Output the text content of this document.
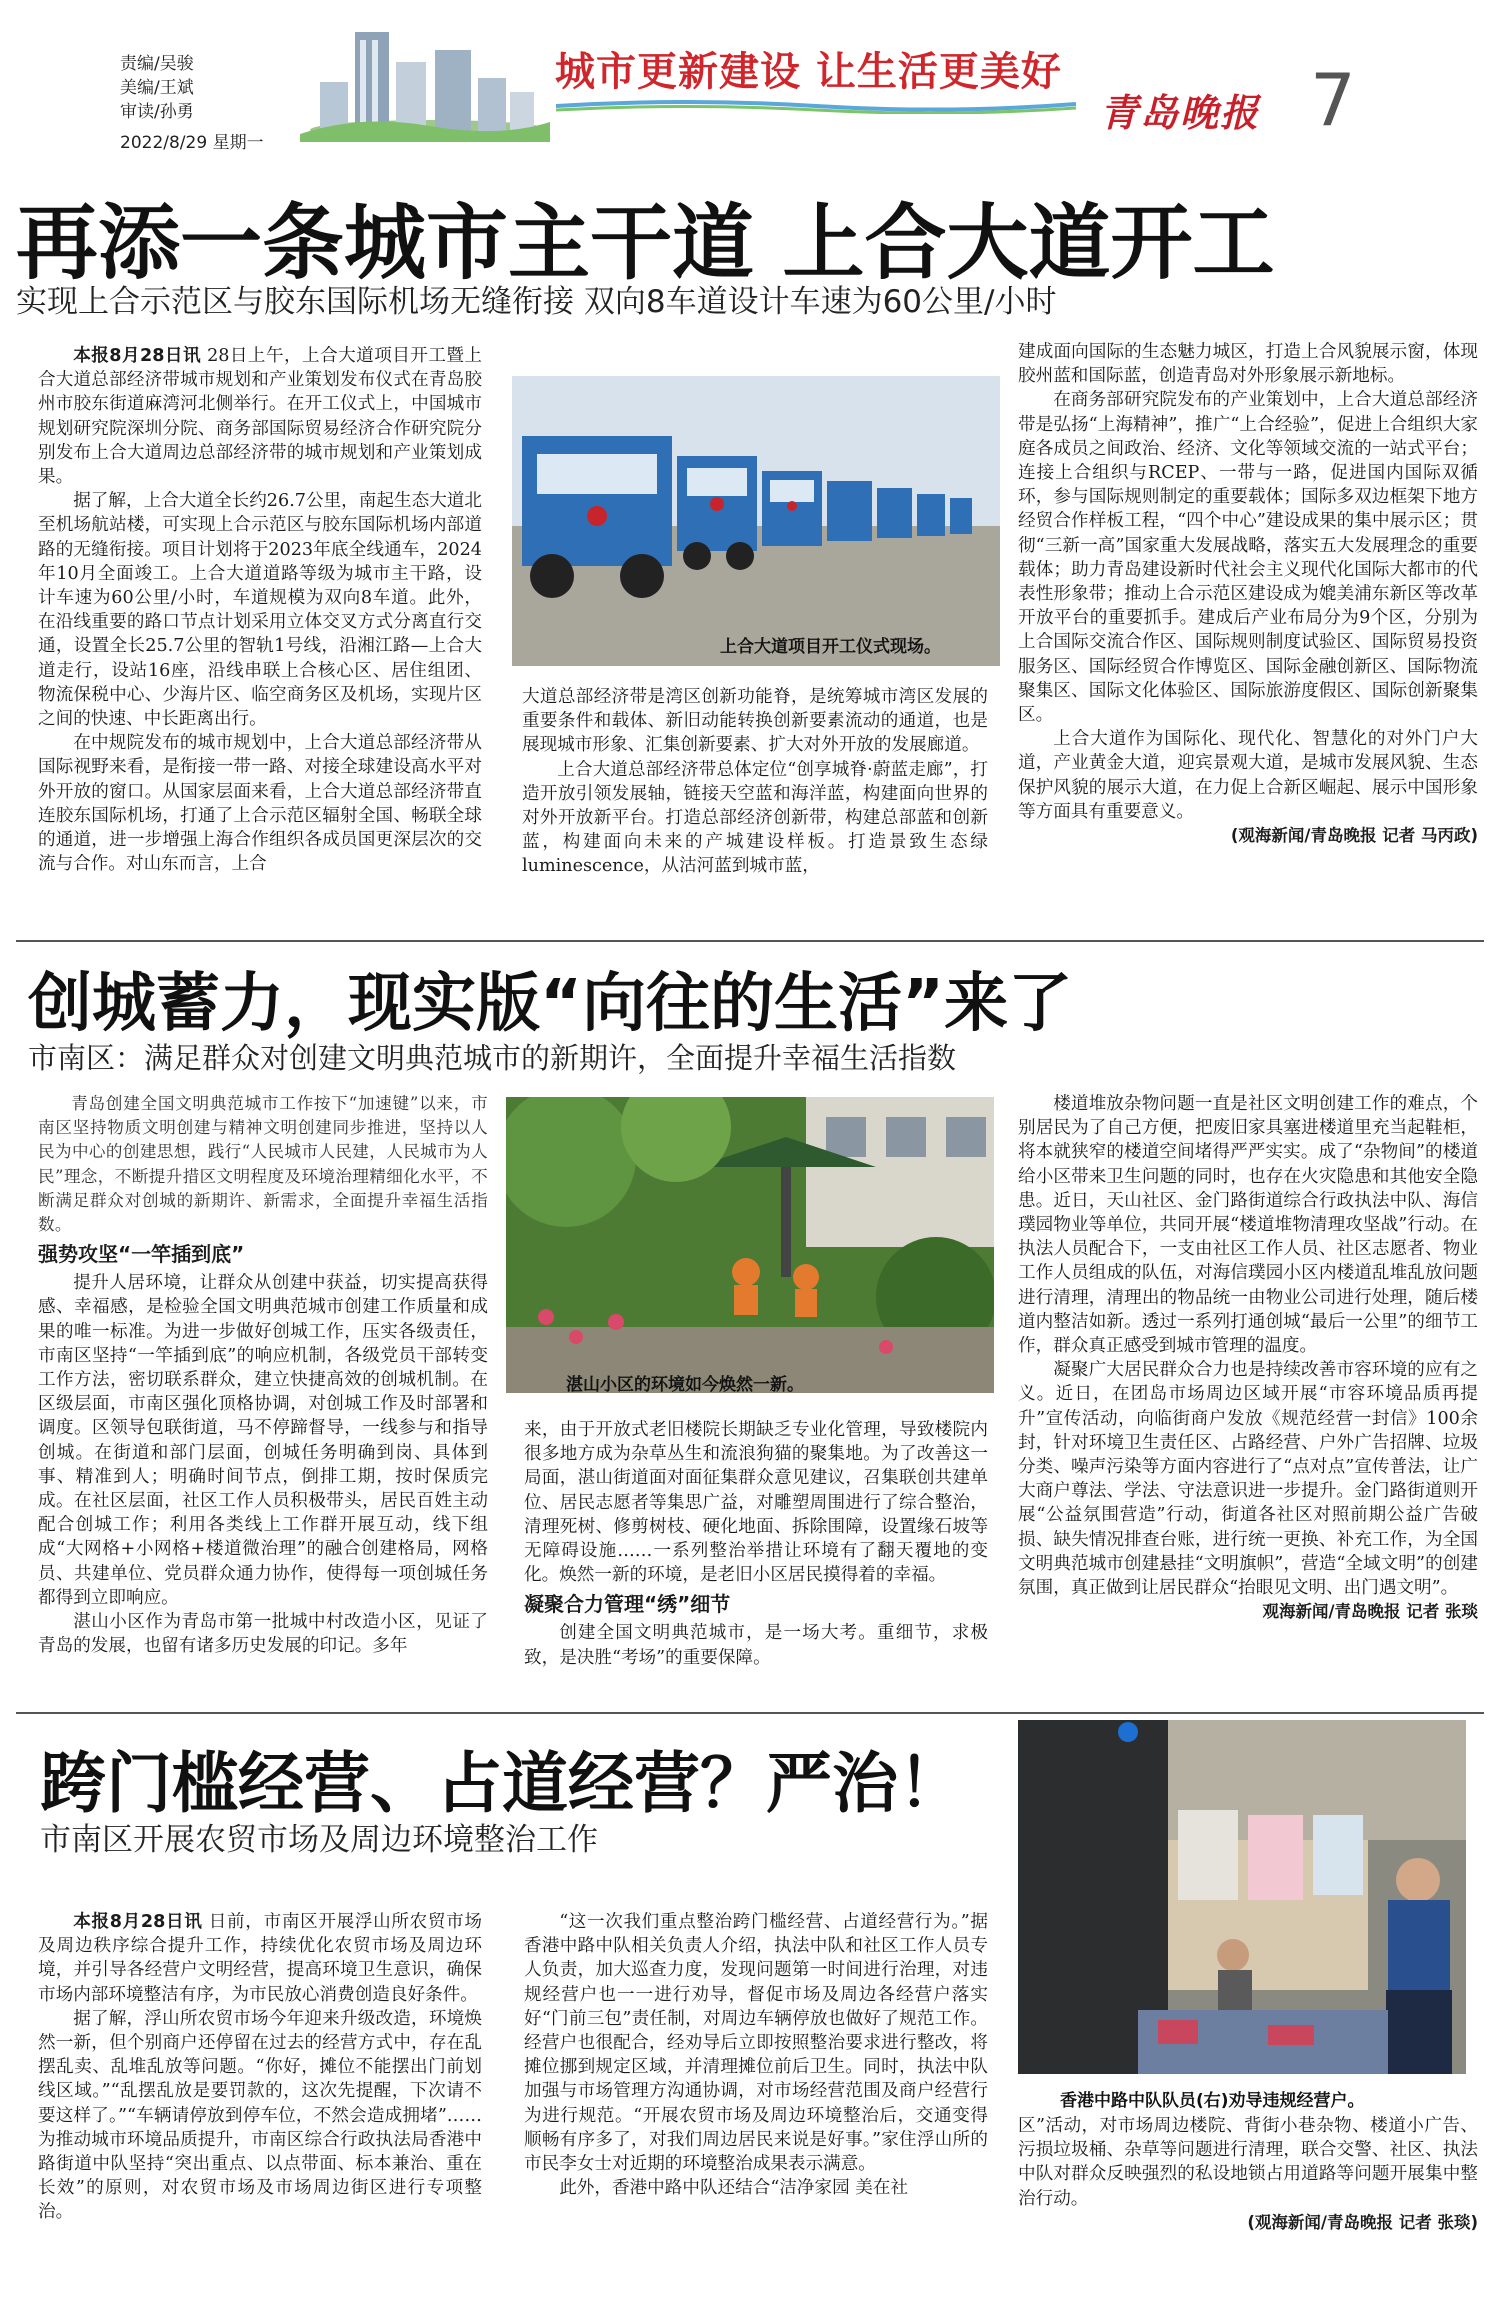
责编/吴骏
美编/王斌
审读/孙勇
2022/8/29 星期一
城市更新建设 让生活更美好
青岛晚报 7
再添一条城市主干道 上合大道开工
实现上合示范区与胶东国际机场无缝衔接 双向8车道设计车速为60公里/小时

本报8月28日讯 28日上午，上合大道项目开工暨上合大道总部经济带城市规划和产业策划发布仪式在青岛胶州市胶东街道麻湾河北侧举行。在开工仪式上，中国城市规划研究院深圳分院、商务部国际贸易经济合作研究院分别发布上合大道周边总部经济带的城市规划和产业策划成果。

据了解，上合大道全长约26.7公里，南起生态大道北至机场航站楼，可实现上合示范区与胶东国际机场内部道路的无缝衔接。项目计划将于2023年底全线通车，2024年10月全面竣工。上合大道道路等级为城市主干路，设计车速为60公里/小时，车道规模为双向8车道。此外，在沿线重要的路口节点计划采用立体交叉方式分离直行交通，设置全长25.7公里的智轨1号线，沿湘江路—上合大道走行，设站16座，沿线串联上合核心区、居住组团、物流保税中心、少海片区、临空商务区及机场，实现片区之间的快速、中长距离出行。

在中规院发布的城市规划中，上合大道总部经济带从国际视野来看，是衔接一带一路、对接全球建设高水平对外开放的窗口。从国家层面来看，上合大道总部经济带直连胶东国际机场，打通了上合示范区辐射全国、畅联全球的通道，进一步增强上海合作组织各成员国更深层次的交流与合作。对山东而言，上合

上合大道项目开工仪式现场。

大道总部经济带是湾区创新功能脊，是统筹城市湾区发展的重要条件和载体、新旧动能转换创新要素流动的通道，也是展现城市形象、汇集创新要素、扩大对外开放的发展廊道。

上合大道总部经济带总体定位“创享城脊·蔚蓝走廊”，打造开放引领发展轴，链接天空蓝和海洋蓝，构建面向世界的对外开放新平台。打造总部经济创新带，构建总部蓝和创新蓝，构建面向未来的产城建设样板。打造景致生态绿luminescence，从沽河蓝到城市蓝，

建成面向国际的生态魅力城区，打造上合风貌展示窗，体现胶州蓝和国际蓝，创造青岛对外形象展示新地标。

在商务部研究院发布的产业策划中，上合大道总部经济带是弘扬“上海精神”，推广“上合经验”，促进上合组织大家庭各成员之间政治、经济、文化等领域交流的一站式平台；连接上合组织与RCEP、一带与一路，促进国内国际双循环，参与国际规则制定的重要载体；国际多双边框架下地方经贸合作样板工程，“四个中心”建设成果的集中展示区；贯彻“三新一高”国家重大发展战略，落实五大发展理念的重要载体；助力青岛建设新时代社会主义现代化国际大都市的代表性形象带；推动上合示范区建设成为媲美浦东新区等改革开放平台的重要抓手。建成后产业布局分为9个区，分别为上合国际交流合作区、国际规则制度试验区、国际贸易投资服务区、国际经贸合作博览区、国际金融创新区、国际物流聚集区、国际文化体验区、国际旅游度假区、国际创新聚集区。

上合大道作为国际化、现代化、智慧化的对外门户大道，产业黄金大道，迎宾景观大道，是城市发展风貌、生态保护风貌的展示大道，在力促上合新区崛起、展示中国形象等方面具有重要意义。

(观海新闻/青岛晚报 记者 马丙政)

创城蓄力，现实版“向往的生活”来了
市南区：满足群众对创建文明典范城市的新期许，全面提升幸福生活指数

青岛创建全国文明典范城市工作按下“加速键”以来，市南区坚持物质文明创建与精神文明创建同步推进，坚持以人民为中心的创建思想，践行“人民城市人民建，人民城市为人民”理念，不断提升措区文明程度及环境治理精细化水平，不断满足群众对创城的新期许、新需求，全面提升幸福生活指数。

强势攻坚“一竿插到底”

提升人居环境，让群众从创建中获益，切实提高获得感、幸福感，是检验全国文明典范城市创建工作质量和成果的唯一标准。为进一步做好创城工作，压实各级责任，市南区坚持“一竿插到底”的响应机制，各级党员干部转变工作方法，密切联系群众，建立快捷高效的创城机制。在区级层面，市南区强化顶格协调，对创城工作及时部署和调度。区领导包联街道，马不停蹄督导，一线参与和指导创城。在街道和部门层面，创城任务明确到岗、具体到事、精准到人；明确时间节点，倒排工期，按时保质完成。在社区层面，社区工作人员积极带头，居民百姓主动配合创城工作；利用各类线上工作群开展互动，线下组成“大网格+小网格+楼道微治理”的融合创建格局，网格员、共建单位、党员群众通力协作，使得每一项创城任务都得到立即响应。

湛山小区作为青岛市第一批城中村改造小区，见证了青岛的发展，也留有诸多历史发展的印记。多年

湛山小区的环境如今焕然一新。

来，由于开放式老旧楼院长期缺乏专业化管理，导致楼院内很多地方成为杂草丛生和流浪狗猫的聚集地。为了改善这一局面，湛山街道面对面征集群众意见建议，召集联创共建单位、居民志愿者等集思广益，对雕塑周围进行了综合整治，清理死树、修剪树枝、硬化地面、拆除围障，设置缘石坡等无障碍设施……一系列整治举措让环境有了翻天覆地的变化。焕然一新的环境，是老旧小区居民摸得着的幸福。

凝聚合力管理“绣”细节

创建全国文明典范城市，是一场大考。重细节，求极致，是决胜“考场”的重要保障。

楼道堆放杂物问题一直是社区文明创建工作的难点，个别居民为了自己方便，把废旧家具塞进楼道里充当起鞋柜，将本就狭窄的楼道空间堵得严严实实。成了“杂物间”的楼道给小区带来卫生问题的同时，也存在火灾隐患和其他安全隐患。近日，天山社区、金门路街道综合行政执法中队、海信璞园物业等单位，共同开展“楼道堆物清理攻坚战”行动。在执法人员配合下，一支由社区工作人员、社区志愿者、物业工作人员组成的队伍，对海信璞园小区内楼道乱堆乱放问题进行清理，清理出的物品统一由物业公司进行处理，随后楼道内整洁如新。透过一系列打通创城“最后一公里”的细节工作，群众真正感受到城市管理的温度。

凝聚广大居民群众合力也是持续改善市容环境的应有之义。近日，在团岛市场周边区域开展“市容环境品质再提升”宣传活动，向临街商户发放《规范经营一封信》100余封，针对环境卫生责任区、占路经营、户外广告招牌、垃圾分类、噪声污染等方面内容进行了“点对点”宣传普法，让广大商户尊法、学法、守法意识进一步提升。金门路街道则开展“公益氛围营造”行动，街道各社区对照前期公益广告破损、缺失情况排查台账，进行统一更换、补充工作，为全国文明典范城市创建悬挂“文明旗帜”，营造“全域文明”的创建氛围，真正做到让居民群众“抬眼见文明、出门遇文明”。

观海新闻/青岛晚报 记者 张琰

跨门槛经营、占道经营？严治！
市南区开展农贸市场及周边环境整治工作

本报8月28日讯 日前，市南区开展浮山所农贸市场及周边秩序综合提升工作，持续优化农贸市场及周边环境，并引导各经营户文明经营，提高环境卫生意识，确保市场内部环境整洁有序，为市民放心消费创造良好条件。

据了解，浮山所农贸市场今年迎来升级改造，环境焕然一新，但个别商户还停留在过去的经营方式中，存在乱摆乱卖、乱堆乱放等问题。“你好，摊位不能摆出门前划线区域。”“乱摆乱放是要罚款的，这次先提醒，下次请不要这样了。”“车辆请停放到停车位，不然会造成拥堵”……为推动城市环境品质提升，市南区综合行政执法局香港中路街道中队坚持“突出重点、以点带面、标本兼治、重在长效”的原则，对农贸市场及市场周边街区进行专项整治。

“这一次我们重点整治跨门槛经营、占道经营行为。”据香港中路中队相关负责人介绍，执法中队和社区工作人员专人负责，加大巡查力度，发现问题第一时间进行治理，对违规经营户也一一进行劝导，督促市场及周边各经营户落实好“门前三包”责任制，对周边车辆停放也做好了规范工作。经营户也很配合，经劝导后立即按照整治要求进行整改，将摊位挪到规定区域，并清理摊位前后卫生。同时，执法中队加强与市场管理方沟通协调，对市场经营范围及商户经营行为进行规范。“开展农贸市场及周边环境整治后，交通变得顺畅有序多了，对我们周边居民来说是好事。”家住浮山所的市民李女士对近期的环境整治成果表示满意。

此外，香港中路中队还结合“洁净家园 美在社

香港中路中队队员(右)劝导违规经营户。

区”活动，对市场周边楼院、背街小巷杂物、楼道小广告、污损垃圾桶、杂草等问题进行清理，联合交警、社区、执法中队对群众反映强烈的私设地锁占用道路等问题开展集中整治行动。

(观海新闻/青岛晚报 记者 张琰)
